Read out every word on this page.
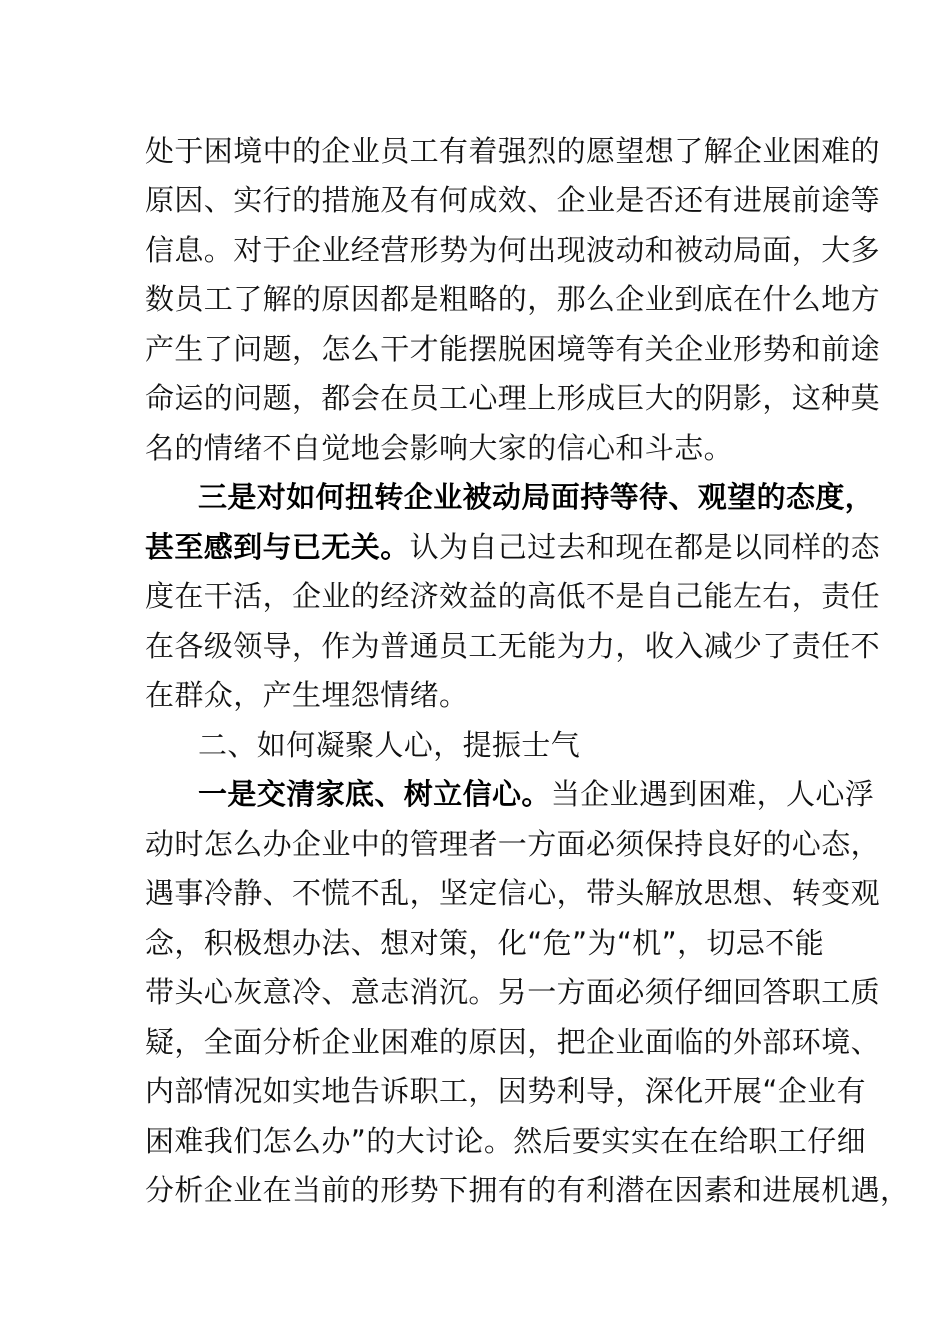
处于困境中的企业员工有着强烈的愿望想了解企业困难的
原因、实行的措施及有何成效、企业是否还有进展前途等
信息。对于企业经营形势为何出现波动和被动局面，大多
数员工了解的原因都是粗略的，那么企业到底在什么地方
产生了问题，怎么干才能摆脱困境等有关企业形势和前途
命运的问题，都会在员工心理上形成巨大的阴影，这种莫
名的情绪不自觉地会影响大家的信心和斗志。
三是对如何扭转企业被动局面持等待、观望的态度，
甚至感到与已无关。认为自己过去和现在都是以同样的态
度在干活，企业的经济效益的高低不是自己能左右，责任
在各级领导，作为普通员工无能为力，收入减少了责任不
在群众，产生埋怨情绪。
二、如何凝聚人心，提振士气
一是交清家底、树立信心。当企业遇到困难，人心浮
动时怎么办企业中的管理者一方面必须保持良好的心态，
遇事冷静、不慌不乱，坚定信心，带头解放思想、转变观
念，积极想办法、想对策，化“危”为“机”，切忌不能
带头心灰意冷、意志消沉。另一方面必须仔细回答职工质
疑，全面分析企业困难的原因，把企业面临的外部环境、
内部情况如实地告诉职工，因势利导，深化开展“企业有
困难我们怎么办”的大讨论。然后要实实在在给职工仔细
分析企业在当前的形势下拥有的有利潜在因素和进展机遇，
